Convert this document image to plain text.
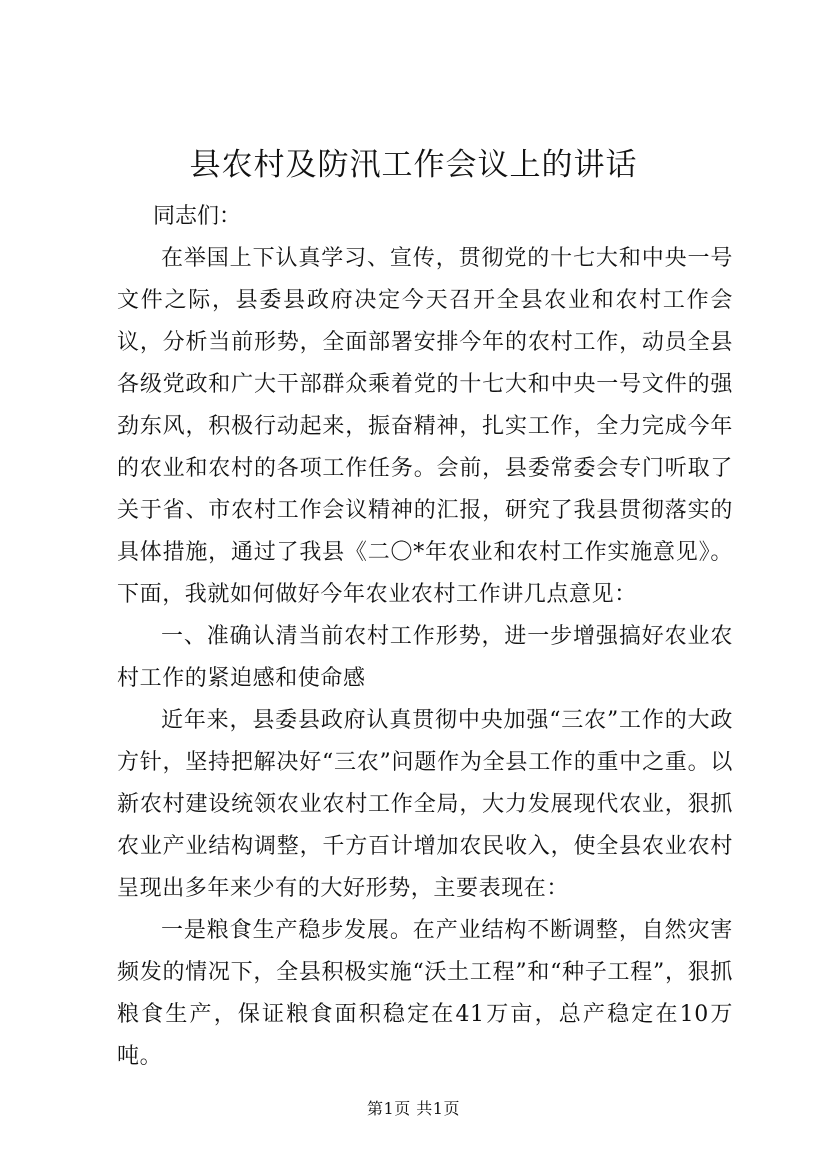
县农村及防汛工作会议上的讲话

同志们：

在举国上下认真学习、宣传，贯彻党的十七大和中央一号文件之际，县委县政府决定今天召开全县农业和农村工作会议，分析当前形势，全面部署安排今年的农村工作，动员全县各级党政和广大干部群众乘着党的十七大和中央一号文件的强劲东风，积极行动起来，振奋精神，扎实工作，全力完成今年的农业和农村的各项工作任务。会前，县委常委会专门听取了关于省、市农村工作会议精神的汇报，研究了我县贯彻落实的具体措施，通过了我县《二〇*年农业和农村工作实施意见》。下面，我就如何做好今年农业农村工作讲几点意见：

一、准确认清当前农村工作形势，进一步增强搞好农业农村工作的紧迫感和使命感

近年来，县委县政府认真贯彻中央加强“三农”工作的大政方针，坚持把解决好“三农”问题作为全县工作的重中之重。以新农村建设统领农业农村工作全局，大力发展现代农业，狠抓农业产业结构调整，千方百计增加农民收入，使全县农业农村呈现出多年来少有的大好形势，主要表现在：

一是粮食生产稳步发展。在产业结构不断调整，自然灾害频发的情况下，全县积极实施“沃土工程”和“种子工程”，狠抓粮食生产，保证粮食面积稳定在41万亩，总产稳定在10万吨。

第1页 共1页
